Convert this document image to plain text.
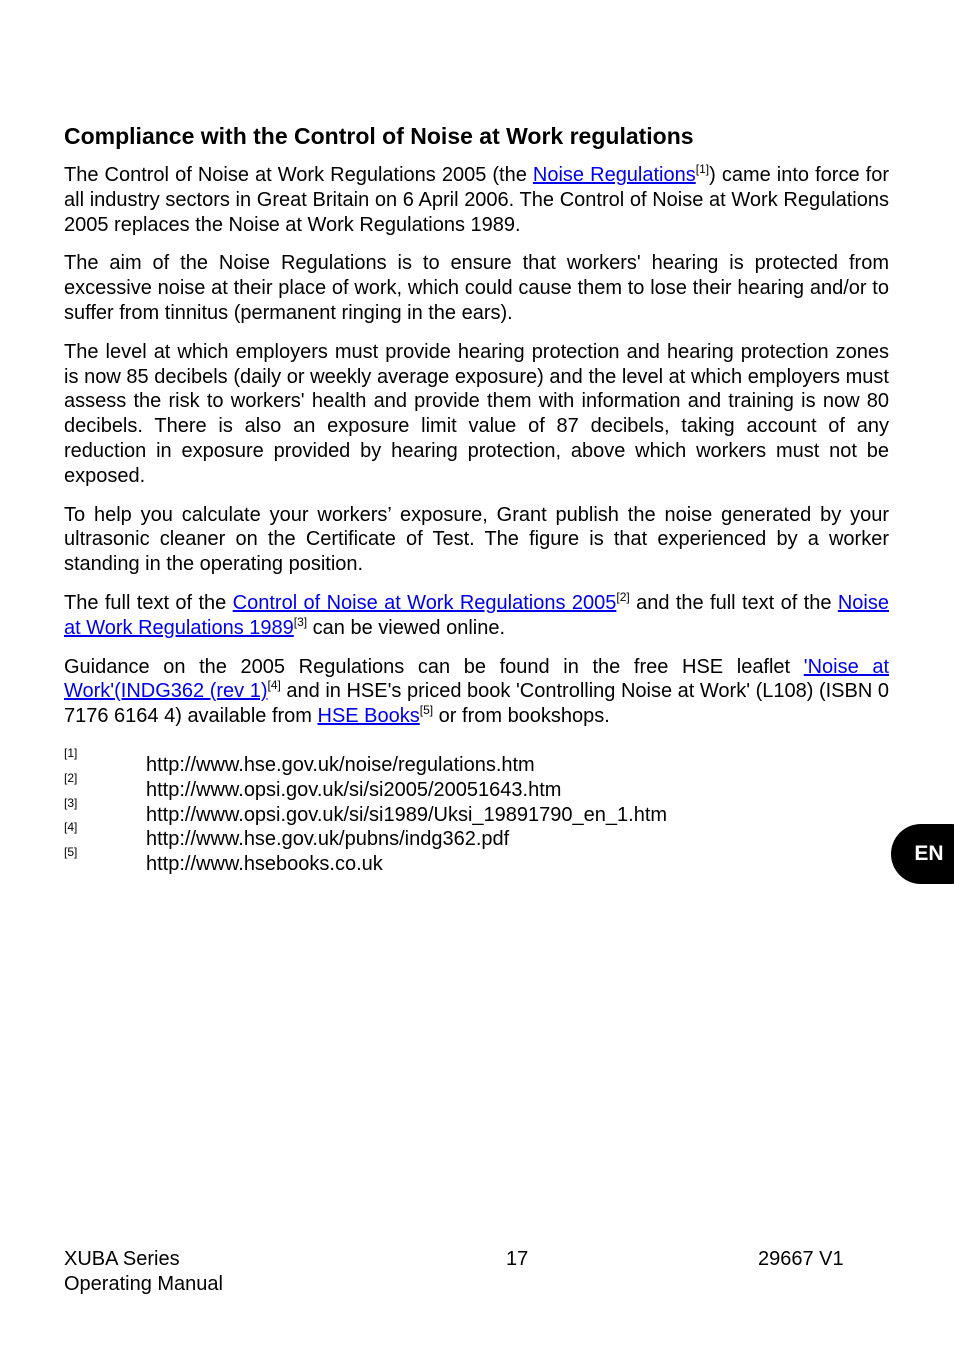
Compliance with the Control of Noise at Work regulations

The Control of Noise at Work Regulations 2005 (the Noise Regulations[1]) came into force for all industry sectors in Great Britain on 6 April 2006. The Control of Noise at Work Regulations 2005 replaces the Noise at Work Regulations 1989.

The aim of the Noise Regulations is to ensure that workers' hearing is protected from excessive noise at their place of work, which could cause them to lose their hearing and/or to suffer from tinnitus (permanent ringing in the ears).

The level at which employers must provide hearing protection and hearing protection zones is now 85 decibels (daily or weekly average exposure) and the level at which employers must assess the risk to workers' health and provide them with information and training is now 80 decibels. There is also an exposure limit value of 87 decibels, taking account of any reduction in exposure provided by hearing protection, above which workers must not be exposed.

To help you calculate your workers’ exposure, Grant publish the noise generated by your ultrasonic cleaner on the Certificate of Test. The figure is that experienced by a worker standing in the operating position.

The full text of the Control of Noise at Work Regulations 2005[2] and the full text of the Noise at Work Regulations 1989[3] can be viewed online.

Guidance on the 2005 Regulations can be found in the free HSE leaflet 'Noise at Work'(INDG362 (rev 1)[4] and in HSE's priced book 'Controlling Noise at Work' (L108) (ISBN 0 7176 6164 4) available from HSE Books[5] or from bookshops.

[1]
http://www.hse.gov.uk/noise/regulations.htm
[2]
http://www.opsi.gov.uk/si/si2005/20051643.htm
[3]
http://www.opsi.gov.uk/si/si1989/Uksi_19891790_en_1.htm
[4]
http://www.hse.gov.uk/pubns/indg362.pdf
[5]
http://www.hsebooks.co.uk	EN
XUBA Series
Operating Manual
17	29667 V1
